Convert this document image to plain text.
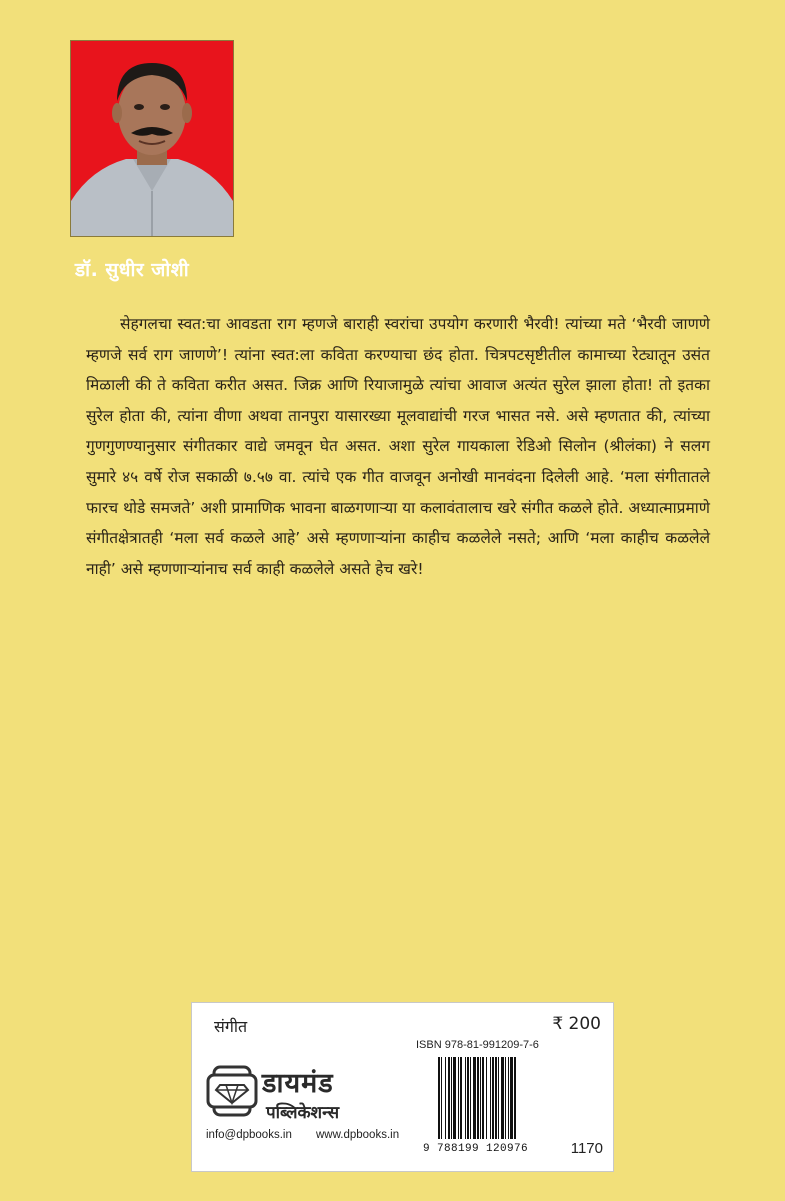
डॉ. सुधीर जोशी

सेहगलचा स्वत:चा आवडता राग म्हणजे बाराही स्वरांचा उपयोग करणारी भैरवी! त्यांच्या मते ‘भैरवी जाणणे म्हणजे सर्व राग जाणणे’! त्यांना स्वत:ला कविता करण्याचा छंद होता. चित्रपटसृष्टीतील कामाच्या रेट्यातून उसंत मिळाली की ते कविता करीत असत. जिक्र आणि रियाजामुळे त्यांचा आवाज अत्यंत सुरेल झाला होता! तो इतका सुरेल होता की, त्यांना वीणा अथवा तानपुरा यासारख्या मूलवाद्यांची गरज भासत नसे. असे म्हणतात की, त्यांच्या गुणगुणण्यानुसार संगीतकार वाद्ये जमवून घेत असत. अशा सुरेल गायकाला रेडिओ सिलोन (श्रीलंका) ने सलग सुमारे ४५ वर्षे रोज सकाळी ७.५७ वा. त्यांचे एक गीत वाजवून अनोखी मानवंदना दिलेली आहे. ‘मला संगीतातले फारच थोडे समजते’ अशी प्रामाणिक भावना बाळगणाऱ्या या कलावंतालाच खरे संगीत कळले होते. अध्यात्माप्रमाणे संगीतक्षेत्रातही ‘मला सर्व कळले आहे’ असे म्हणणाऱ्यांना काहीच कळलेले नसते; आणि ‘मला काहीच कळलेले नाही’ असे म्हणणाऱ्यांनाच सर्व काही कळलेले असते हेच खरे!

संगीत	₹ 200
ISBN 978-81-991209-7-6
डायमंड
पब्लिकेशन्स
info@dpbooks.in www.dpbooks.in
9 788199 120976	1170
